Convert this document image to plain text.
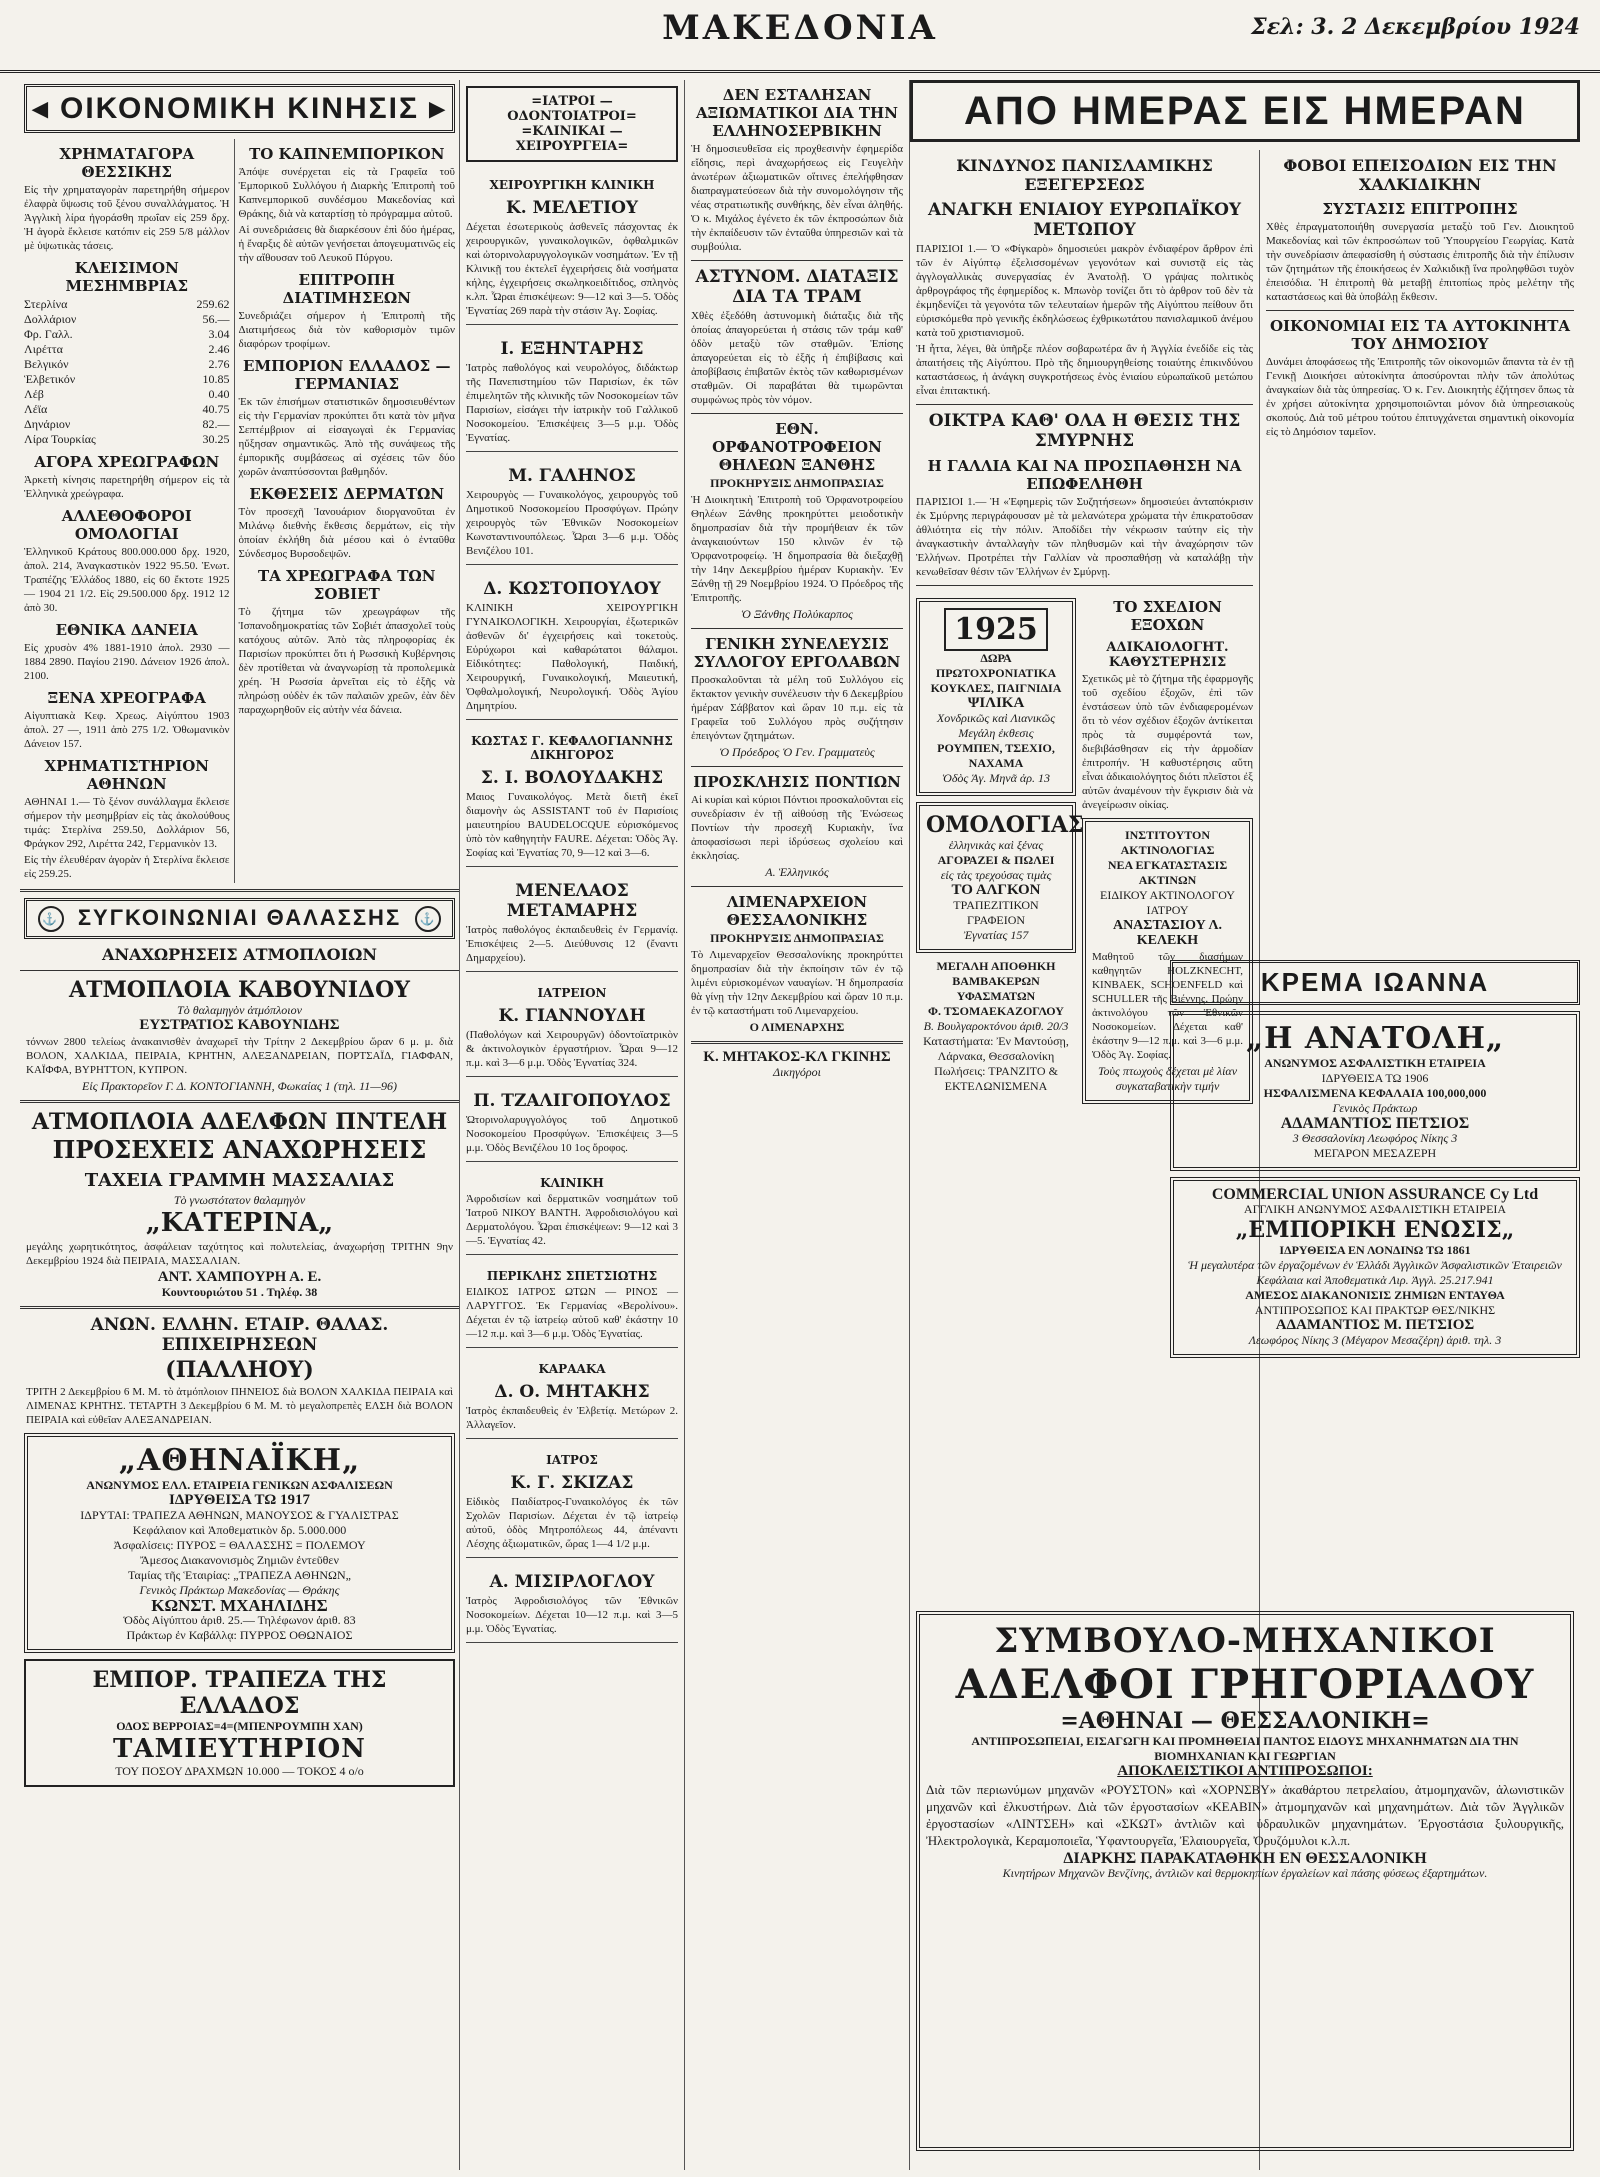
ΜΑΚΕΔΟΝΙΑ	Σελ: 3. 2 Δεκεμβρίου 1924
◂ ΟΙΚΟΝΟΜΙΚΗ ΚΙΝΗΣΙΣ ▸
ΧΡΗΜΑΤΑΓΟΡΑ ΘΕΣΣΙΚΗΣ

Εἰς τὴν χρηματαγορὰν παρετηρήθη σήμερον ἐλαφρὰ ὕψωσις τοῦ ξένου συναλλάγματος. Ἡ Ἀγγλικὴ λίρα ἠγοράσθη πρωΐαν εἰς 259 δρχ. Ἡ ἀγορὰ ἔκλεισε κατόπιν εἰς 259 5/8 μάλλον μὲ ὑψωτικὰς τάσεις.

ΚΛΕΙΣΙΜΟΝ ΜΕΣΗΜΒΡΙΑΣ
Στερλίνα	259.62
Δολλάριον	56.—
Φρ. Γαλλ.	3.04
Λιρέττα	2.46
Βελγικόν	2.76
Ἑλβετικόν	10.85
Λέβ	0.40
Λέϊα	40.75
Δηνάριον	82.—
Λίρα Τουρκίας	30.25
ΑΓΟΡΑ ΧΡΕΩΓΡΑΦΩΝ

Ἀρκετὴ κίνησις παρετηρήθη σήμερον εἰς τὰ Ἑλληνικὰ χρεώγραφα.

ΑΛΛΕΘΟΦΟΡΟΙ ΟΜΟΛΟΓΙΑΙ

Ἑλληνικοῦ Κράτους 800.000.000 δρχ. 1920, ἀπολ. 214, Ἀναγκαστικὸν 1922 95.50. Ἑνωτ. Τραπέζης Ἑλλάδος 1880, εἰς 60 ἔκτοτε 1925 — 1904 21 1/2. Εἰς 29.500.000 δρχ. 1912 12 ἀπὸ 30.

ΕΘΝΙΚΑ ΔΑΝΕΙΑ

Εἰς χρυσὸν 4% 1881-1910 ἀπολ. 2930 — 1884 2890. Παγίου 2190. Δάνειον 1926 ἀπολ. 2100.

ΞΕΝΑ ΧΡΕΟΓΡΑΦΑ

Αἰγυπτιακὰ Κεφ. Χρεως. Αἰγύπτου 1903 ἀπολ. 27 —, 1911 ἀπὸ 275 1/2. Ὀθωμανικὸν Δάνειον 157.

ΧΡΗΜΑΤΙΣΤΗΡΙΟΝ ΑΘΗΝΩΝ

ΑΘΗΝΑΙ 1.— Τὸ ξένον συνάλλαγμα ἔκλεισε σήμερον τὴν μεσημβρίαν εἰς τὰς ἀκολούθους τιμάς: Στερλίνα 259.50, Δολλάριον 56, Φράγκον 292, Λιρέττα 242, Γερμανικὸν 13.

Εἰς τὴν ἐλευθέραν ἀγορὰν ἡ Στερλίνα ἔκλεισε εἰς 259.25.

ΤΟ ΚΑΠΝΕΜΠΟΡΙΚΟΝ

Ἀπόψε συνέρχεται εἰς τὰ Γραφεῖα τοῦ Ἐμπορικοῦ Συλλόγου ἡ Διαρκὴς Ἐπιτροπὴ τοῦ Καπνεμπορικοῦ συνδέσμου Μακεδονίας καὶ Θράκης, διὰ νὰ καταρτίσῃ τὸ πρόγραμμα αὐτοῦ.

Αἱ συνεδριάσεις θὰ διαρκέσουν ἐπὶ δύο ἡμέρας, ἡ ἔναρξις δὲ αὐτῶν γενήσεται ἀπογευματινῶς εἰς τὴν αἴθουσαν τοῦ Λευκοῦ Πύργου.

ΕΠΙΤΡΟΠΗ ΔΙΑΤΙΜΗΣΕΩΝ

Συνεδριάζει σήμερον ἡ Ἐπιτροπὴ τῆς Διατιμήσεως διὰ τὸν καθορισμὸν τιμῶν διαφόρων τροφίμων.

ΕΜΠΟΡΙΟΝ ΕΛΛΑΔΟΣ — ΓΕΡΜΑΝΙΑΣ

Ἐκ τῶν ἐπισήμων στατιστικῶν δημοσιευθέντων εἰς τὴν Γερμανίαν προκύπτει ὅτι κατὰ τὸν μῆνα Σεπτέμβριον αἱ εἰσαγωγαὶ ἐκ Γερμανίας ηὔξησαν σημαντικῶς. Ἀπὸ τῆς συνάψεως τῆς ἐμπορικῆς συμβάσεως αἱ σχέσεις τῶν δύο χωρῶν ἀναπτύσσονται βαθμηδόν.

ΕΚΘΕΣΕΙΣ ΔΕΡΜΑΤΩΝ

Τὸν προσεχῆ Ἰανουάριον διοργανοῦται ἐν Μιλάνῳ διεθνὴς ἔκθεσις δερμάτων, εἰς τὴν ὁποίαν ἐκλήθη διὰ μέσου καὶ ὁ ἐνταῦθα Σύνδεσμος Βυρσοδεψῶν.

ΤΑ ΧΡΕΩΓΡΑΦΑ ΤΩΝ ΣΟΒΙΕΤ

Τὸ ζήτημα τῶν χρεωγράφων τῆς Ἰσπανοδημοκρατίας τῶν Σοβιέτ ἀπασχολεῖ τοὺς κατόχους αὐτῶν. Ἀπὸ τὰς πληροφορίας ἐκ Παρισίων προκύπτει ὅτι ἡ Ρωσσικὴ Κυβέρνησις δὲν προτίθεται νὰ ἀναγνωρίσῃ τὰ προπολεμικὰ χρέη. Ἡ Ρωσσία ἀρνεῖται εἰς τὸ ἑξῆς νὰ πληρώσῃ οὐδὲν ἐκ τῶν παλαιῶν χρεῶν, ἐὰν δὲν παραχωρηθοῦν εἰς αὐτὴν νέα δάνεια.

⚓ ΣΥΓΚΟΙΝΩΝΙΑΙ ΘΑΛΑΣΣΗΣ ⚓
ΑΝΑΧΩΡΗΣΕΙΣ ΑΤΜΟΠΛΟΙΩΝ
ΑΤΜΟΠΛΟΙΑ ΚΑΒΟΥΝΙΔΟΥ
Τὸ θαλαμηγὸν ἀτμόπλοιον
ΕΥΣΤΡΑΤΙΟΣ ΚΑΒΟΥΝΙΔΗΣ

τόννων 2800 τελείως ἀνακαινισθὲν ἀναχωρεῖ τὴν Τρίτην 2 Δεκεμβρίου ὥραν 6 μ. μ. διὰ ΒΟΛΟΝ, ΧΑΛΚΙΔΑ, ΠΕΙΡΑΙΑ, ΚΡΗΤΗΝ, ΑΛΕΞΑΝΔΡΕΙΑΝ, ΠΟΡΤΣΑΪΔ, ΓΙΑΦΦΑΝ, ΚΑΪΦΦΑ, ΒΥΡΗΤΤΟΝ, ΚΥΠΡΟΝ.

Εἰς Πρακτορεῖον Γ. Δ. ΚΟΝΤΟΓΙΑΝΝΗ, Φωκαίας 1 (τηλ. 11—96)
ΑΤΜΟΠΛΟΙΑ ΑΔΕΛΦΩΝ ΠΝΤΕΛΗ
ΠΡΟΣΕΧΕΙΣ ΑΝΑΧΩΡΗΣΕΙΣ
ΤΑΧΕΙΑ ΓΡΑΜΜΗ ΜΑΣΣΑΛΙΑΣ
Τὸ γνωστότατον θαλαμηγὸν
„ΚΑΤΕΡΙΝΑ„

μεγάλης χωρητικότητος, ἀσφάλειαν ταχύτητος καὶ πολυτελείας, ἀναχωρήσῃ ΤΡΙΤΗΝ 9ην Δεκεμβρίου 1924 διὰ ΠΕΙΡΑΙΑ, ΜΑΣΣΑΛΙΑΝ.

ΑΝΤ. ΧΑΜΠΟΥΡΗ Α. Ε.
Κουντουριώτου 51 . Τηλέφ. 38
ΑΝΩΝ. ΕΛΛΗΝ. ΕΤΑΙΡ. ΘΑΛΑΣ. ΕΠΙΧΕΙΡΗΣΕΩΝ
(ΠΑΛΛΗΟΥ)

ΤΡΙΤΗ 2 Δεκεμβρίου 6 Μ. Μ. τὸ ἀτμόπλοιον ΠΗΝΕΙΟΣ διὰ ΒΟΛΟΝ ΧΑΛΚΙΔΑ ΠΕΙΡΑΙΑ καὶ ΛΙΜΕΝΑΣ ΚΡΗΤΗΣ. ΤΕΤΑΡΤΗ 3 Δεκεμβρίου 6 Μ. Μ. τὸ μεγαλοπρεπὲς ΕΛΣΗ διὰ ΒΟΛΟΝ ΠΕΙΡΑΙΑ καὶ εὐθεῖαν ΑΛΕΞΑΝΔΡΕΙΑΝ.

„ΑΘΗΝΑΪΚΗ„
ΑΝΩΝΥΜΟΣ ΕΛΛ. ΕΤΑΙΡΕΙΑ ΓΕΝΙΚΩΝ ΑΣΦΑΛΙΣΕΩΝ
ΙΔΡΥΘΕΙΣΑ ΤΩ 1917
ΙΔΡΥΤΑΙ: ΤΡΑΠΕΖΑ ΑΘΗΝΩΝ, ΜΑΝΟΥΣΟΣ & ΓΥΑΛΙΣΤΡΑΣ
Κεφάλαιον καὶ Ἀποθεματικὸν δρ. 5.000.000
Ἀσφαλίσεις: ΠΥΡΟΣ = ΘΑΛΑΣΣΗΣ = ΠΟΛΕΜΟΥ
Ἄμεσος Διακανονισμὸς Ζημιῶν ἐντεῦθεν
Ταμίας τῆς Ἑταιρίας: „ΤΡΑΠΕΖΑ ΑΘΗΝΩΝ„
Γενικὸς Πράκτωρ Μακεδονίας — Θράκης
ΚΩΝΣΤ. ΜΧΑΗΛΙΔΗΣ
Ὁδὸς Αἰγύπτου ἀριθ. 25.— Τηλέφωνον ἀριθ. 83
Πράκτωρ ἐν Καβάλλᾳ: ΠΥΡΡΟΣ ΟΘΩΝΑΙΟΣ
ΕΜΠΟΡ. ΤΡΑΠΕΖΑ ΤΗΣ ΕΛΛΑΔΟΣ
ΟΔΟΣ ΒΕΡΡΟΙΑΣ=4=(ΜΠΕΝΡΟΥΜΠΗ ΧΑΝ)
ΤΑΜΙΕΥΤΗΡΙΟΝ
ΤΟΥ ΠΟΣΟΥ ΔΡΑΧΜΩΝ 10.000 — ΤΟΚΟΣ 4 ο/ο
=ΙΑΤΡΟΙ — ΟΔΟΝΤΟΙΑΤΡΟΙ= =ΚΛΙΝΙΚΑΙ — ΧΕΙΡΟΥΡΓΕΙΑ=
ΧΕΙΡΟΥΡΓΙΚΗ ΚΛΙΝΙΚΗ
Κ. ΜΕΛΕΤΙΟΥ

Δέχεται ἐσωτερικοὺς ἀσθενεῖς πάσχοντας ἐκ χειρουργικῶν, γυναικολογικῶν, ὀφθαλμικῶν καὶ ὠτορινολαρυγγολογικῶν νοσημάτων. Ἐν τῇ Κλινικῇ του ἐκτελεῖ ἐγχειρήσεις διὰ νοσήματα κήλης, ἐγχειρήσεις σκωληκοειδίτιδος, σπληνὸς κ.λπ. Ὧραι ἐπισκέψεων: 9—12 καὶ 3—5. Ὁδὸς Ἐγνατίας 269 παρὰ τὴν στάσιν Ἁγ. Σοφίας.

Ι. ΕΞΗΝΤΑΡΗΣ

Ἰατρὸς παθολόγος καὶ νευρολόγος, διδάκτωρ τῆς Πανεπιστημίου τῶν Παρισίων, ἐκ τῶν ἐπιμελητῶν τῆς κλινικῆς τῶν Νοσοκομείων τῶν Παρισίων, εἰσάγει τὴν ἰατρικὴν τοῦ Γαλλικοῦ Νοσοκομείου. Ἐπισκέψεις 3—5 μ.μ. Ὁδὸς Ἐγνατίας.

Μ. ΓΑΛΗΝΟΣ

Χειρουργὸς — Γυναικολόγος, χειρουργὸς τοῦ Δημοτικοῦ Νοσοκομείου Προσφύγων. Πρώην χειρουργὸς τῶν Ἐθνικῶν Νοσοκομείων Κωνσταντινουπόλεως. Ὧραι 3—6 μ.μ. Ὁδὸς Βενιζέλου 101.

Δ. ΚΩΣΤΟΠΟΥΛΟΥ

ΚΛΙΝΙΚΗ ΧΕΙΡΟΥΡΓΙΚΗ ΓΥΝΑΙΚΟΛΟΓΙΚΗ. Χειρουργίαι, ἐξωτερικῶν ἀσθενῶν δι' ἐγχειρήσεις καὶ τοκετοὺς. Εὐρύχωροι καὶ καθαρώτατοι θάλαμοι. Εἰδικότητες: Παθολογική, Παιδική, Χειρουργική, Γυναικολογική, Μαιευτική, Ὀφθαλμολογική, Νευρολογική. Ὁδὸς Ἀγίου Δημητρίου.

ΚΩΣΤΑΣ Γ. ΚΕΦΑΛΟΓΙΑΝΝΗΣ ΔΙΚΗΓΟΡΟΣ
Σ. Ι. ΒΟΛΟΥΔΑΚΗΣ

Μαιος Γυναικολόγος. Μετὰ διετῆ ἐκεῖ διαμονὴν ὡς ASSISTANT τοῦ ἐν Παρισίοις μαιευτηρίου BAUDELOCQUE εὑρισκόμενος ὑπὸ τὸν καθηγητὴν FAURE. Δέχεται: Ὁδὸς Ἁγ. Σοφίας καὶ Ἐγνατίας 70, 9—12 καὶ 3—6.

ΜΕΝΕΛΑΟΣ ΜΕΤΑΜΑΡΗΣ

Ἰατρὸς παθολόγος ἐκπαιδευθεὶς ἐν Γερμανίᾳ. Ἐπισκέψεις 2—5. Διεύθυνσις 12 (ἔναντι Δημαρχείου).

ΙΑΤΡΕΙΟΝ
Κ. ΓΙΑΝΝΟΥΔΗ

(Παθολόγων καὶ Χειρουργῶν) ὀδοντοϊατρικὸν & ἀκτινολογικὸν ἐργαστήριον. Ὧραι 9—12 π.μ. καὶ 3—6 μ.μ. Ὁδὸς Ἐγνατίας 324.

Π. ΤΖΑΛΙΓΟΠΟΥΛΟΣ

Ὠτορινολαρυγγολόγος τοῦ Δημοτικοῦ Νοσοκομείου Προσφύγων. Ἐπισκέψεις 3—5 μ.μ. Ὁδὸς Βενιζέλου 10 1ος ὄροφος.

ΚΛΙΝΙΚΗ

Ἀφροδισίων καὶ δερματικῶν νοσημάτων τοῦ Ἰατροῦ ΝΙΚΟΥ ΒΑΝΤΗ. Ἀφροδισιολόγου καὶ Δερματολόγου. Ὧραι ἐπισκέψεων: 9—12 καὶ 3—5. Ἐγνατίας 42.

ΠΕΡΙΚΛΗΣ ΣΠΕΤΣΙΩΤΗΣ

ΕΙΔΙΚΟΣ ΙΑΤΡΟΣ ΩΤΩΝ — ΡΙΝΟΣ — ΛΑΡΥΓΓΟΣ. Ἐκ Γερμανίας «Βερολίνου». Δέχεται ἐν τῷ ἰατρείῳ αὐτοῦ καθ' ἑκάστην 10—12 π.μ. καὶ 3—6 μ.μ. Ὁδὸς Ἐγνατίας.

ΚΑΡΑΑΚΑ
Δ. Ο. ΜΗΤΑΚΗΣ

Ἰατρὸς ἐκπαιδευθεὶς ἐν Ἑλβετίᾳ. Μετώρων 2. Ἀλλαγεῖον.

ΙΑΤΡΟΣ
Κ. Γ. ΣΚΙΖΑΣ

Εἰδικὸς Παιδίατρος-Γυναικολόγος ἐκ τῶν Σχολῶν Παρισίων. Δέχεται ἐν τῷ ἰατρείῳ αὐτοῦ, ὁδὸς Μητροπόλεως 44, ἀπέναντι Λέσχης ἀξιωματικῶν, ὥρας 1—4 1/2 μ.μ.

Α. ΜΙΣΙΡΛΟΓΛΟΥ

Ἰατρὸς Ἀφροδισιολόγος τῶν Ἐθνικῶν Νοσοκομείων. Δέχεται 10—12 π.μ. καὶ 3—5 μ.μ. Ὁδὸς Ἐγνατίας.

ΔΕΝ ΕΣΤΑΛΗΣΑΝ ΑΞΙΩΜΑΤΙΚΟΙ ΔΙΑ ΤΗΝ ΕΛΛΗΝΟΣΕΡΒΙΚΗΝ

Ἡ δημοσιευθεῖσα εἰς προχθεσινὴν ἐφημερίδα εἴδησις, περὶ ἀναχωρήσεως εἰς Γευγελὴν ἀνωτέρων ἀξιωματικῶν οἵτινες ἐπελήφθησαν διαπραγματεύσεων διὰ τὴν συνομολόγησιν τῆς νέας στρατιωτικῆς συνθήκης, δὲν εἶναι ἀληθής. Ὁ κ. Μιχάλος ἐγένετο ἐκ τῶν ἐκπροσώπων διὰ τὴν ἐκπαίδευσιν τῶν ἐνταῦθα ὑπηρεσιῶν καὶ τὰ συμβούλια.

ΑΣΤΥΝΟΜ. ΔΙΑΤΑΞΙΣ ΔΙΑ ΤΑ ΤΡΑΜ

Χθὲς ἐξεδόθη ἀστυνομικὴ διάταξις διὰ τῆς ὁποίας ἀπαγορεύεται ἡ στάσις τῶν τράμ καθ' ὁδὸν μεταξὺ τῶν σταθμῶν. Ἐπίσης ἀπαγορεύεται εἰς τὸ ἐξῆς ἡ ἐπιβίβασις καὶ ἀποβίβασις ἐπιβατῶν ἐκτὸς τῶν καθωρισμένων σταθμῶν. Οἱ παραβάται θὰ τιμωρῶνται συμφώνως πρὸς τὸν νόμον.

ΕΘΝ. ΟΡΦΑΝΟΤΡΟΦΕΙΟΝ ΘΗΛΕΩΝ ΞΑΝΘΗΣ
ΠΡΟΚΗΡΥΞΙΣ ΔΗΜΟΠΡΑΣΙΑΣ

Ἡ Διοικητικὴ Ἐπιτροπὴ τοῦ Ὀρφανοτροφείου Θηλέων Ξάνθης προκηρύττει μειοδοτικὴν δημοπρασίαν διὰ τὴν προμήθειαν ἐκ τῶν ἀναγκαιούντων 150 κλινῶν ἐν τῷ Ὀρφανοτροφείῳ. Ἡ δημοπρασία θὰ διεξαχθῇ τὴν 14ην Δεκεμβρίου ἡμέραν Κυριακὴν. Ἐν Ξάνθῃ τῇ 29 Νοεμβρίου 1924. Ὁ Πρόεδρος τῆς Ἐπιτροπῆς.

Ὁ Ξάνθης Πολύκαρπος
ΓΕΝΙΚΗ ΣΥΝΕΛΕΥΣΙΣ ΣΥΛΛΟΓΟΥ ΕΡΓΟΛΑΒΩΝ

Προσκαλοῦνται τὰ μέλη τοῦ Συλλόγου εἰς ἔκτακτον γενικὴν συνέλευσιν τὴν 6 Δεκεμβρίου ἡμέραν Σάββατον καὶ ὥραν 10 π.μ. εἰς τὰ Γραφεῖα τοῦ Συλλόγου πρὸς συζήτησιν ἐπειγόντων ζητημάτων.

Ὁ Πρόεδρος Ὁ Γεν. Γραμματεὺς
ΠΡΟΣΚΛΗΣΙΣ ΠΟΝΤΙΩΝ

Αἱ κυρίαι καὶ κύριοι Πόντιοι προσκαλοῦνται εἰς συνεδρίασιν ἐν τῇ αἰθούσῃ τῆς Ἐνώσεως Ποντίων τὴν προσεχῆ Κυριακὴν, ἵνα ἀποφασίσωσι περὶ ἱδρύσεως σχολείου καὶ ἐκκλησίας.

Α. Ἑλληνικός
ΛΙΜΕΝΑΡΧΕΙΟΝ ΘΕΣΣΑΛΟΝΙΚΗΣ
ΠΡΟΚΗΡΥΞΙΣ ΔΗΜΟΠΡΑΣΙΑΣ

Τὸ Λιμεναρχεῖον Θεσσαλονίκης προκηρύττει δημοπρασίαν διὰ τὴν ἐκποίησιν τῶν ἐν τῷ λιμένι εὑρισκομένων ναυαγίων. Ἡ δημοπρασία θὰ γίνῃ τὴν 12ην Δεκεμβρίου καὶ ὥραν 10 π.μ. ἐν τῷ καταστήματι τοῦ Λιμεναρχείου.

Ο ΛΙΜΕΝΑΡΧΗΣ
Κ. ΜΗΤΑΚΟΣ-ΚΛ ΓΚΙΝΗΣ
Δικηγόροι
ΑΠΟ ΗΜΕΡΑΣ ΕΙΣ ΗΜΕΡΑΝ
ΚΙΝΔΥΝΟΣ ΠΑΝΙΣΛΑΜΙΚΗΣ ΕΞΕΓΕΡΣΕΩΣ
ΑΝΑΓΚΗ ΕΝΙΑΙΟΥ ΕΥΡΩΠΑΪΚΟΥ ΜΕΤΩΠΟΥ

ΠΑΡΙΣΙΟΙ 1.— Ὁ «Φίγκαρὸ» δημοσιεύει μακρὸν ἐνδιαφέρον ἄρθρον ἐπὶ τῶν ἐν Αἰγύπτῳ ἐξελισσομένων γεγονότων καὶ συνιστᾷ εἰς τὰς ἀγγλογαλλικὰς συνεργασίας ἐν Ἀνατολῇ. Ὁ γράψας πολιτικὸς ἀρθρογράφος τῆς ἐφημερίδος κ. Μπωνὸρ τονίζει ὅτι τὸ ἀρθρον τοῦ δὲν τὰ ἐκμηδενίζει τὰ γεγονότα τῶν τελευταίων ἡμερῶν τῆς Αἰγύπτου πείθουν ὅτι εὑρισκόμεθα πρὸ γενικῆς ἐκδηλώσεως ἐχθρικωτάτου πανισλαμικοῦ ἀνέμου κατὰ τοῦ χριστιανισμοῦ.

Ἡ ἧττα, λέγει, θὰ ὑπῆρξε πλέον σοβαρωτέρα ἂν ἡ Ἀγγλία ἐνεδίδε εἰς τὰς ἀπαιτήσεις τῆς Αἰγύπτου. Πρὸ τῆς δημιουργηθείσης τοιαύτης ἐπικινδύνου καταστάσεως, ἡ ἀνάγκη συγκροτήσεως ἑνὸς ἑνιαίου εὐρωπαϊκοῦ μετώπου εἶναι ἐπιτακτική.

ΟΙΚΤΡΑ ΚΑΘ' ΟΛΑ Η ΘΕΣΙΣ ΤΗΣ ΣΜΥΡΝΗΣ
Η ΓΑΛΛΙΑ ΚΑΙ ΝΑ ΠΡΟΣΠΑΘΗΣΗ ΝΑ ΕΠΩΦΕΛΗΘΗ

ΠΑΡΙΣΙΟΙ 1.— Ἡ «Ἐφημερὶς τῶν Συζητήσεων» δημοσιεύει ἀνταπόκρισιν ἐκ Σμύρνης περιγράφουσαν μὲ τὰ μελανώτερα χρώματα τὴν ἐπικρατοῦσαν ἀθλιότητα εἰς τὴν πόλιν. Ἀποδίδει τὴν νέκρωσιν ταύτην εἰς τὴν ἀναγκαστικὴν ἀνταλλαγὴν τῶν πληθυσμῶν καὶ τὴν ἀναχώρησιν τῶν Ἑλλήνων. Προτρέπει τὴν Γαλλίαν νὰ προσπαθήσῃ νὰ καταλάβῃ τὴν κενωθεῖσαν θέσιν τῶν Ἑλλήνων ἐν Σμύρνῃ.

1925
ΔΩΡΑ ΠΡΩΤΟΧΡΟΝΙΑΤΙΚΑ
ΚΟΥΚΛΕΣ, ΠΑΙΓΝΙΔΙΑ
ΨΙΛΙΚΑ
Χονδρικῶς καὶ Λιανικῶς
Μεγάλη ἐκθεσις
ΡΟΥΜΠΕΝ, ΤΣΕΧΙΟ, ΝΑΧΑΜΑ
Ὁδὸς Ἁγ. Μηνᾶ ἀρ. 13
ΟΜΟΛΟΓΙΑΣ
ἑλληνικὰς καὶ ξένας
ΑΓΟΡΑΖΕΙ & ΠΩΛΕΙ
εἰς τὰς τρεχούσας τιμὰς
ΤΟ ΑΛΓΚΟΝ
ΤΡΑΠΕΖΙΤΙΚΟΝ ΓΡΑΦΕΙΟΝ
Ἐγνατίας 157
ΜΕΓΑΛΗ ΑΠΟΘΗΚΗ
ΒΑΜΒΑΚΕΡΩΝ ΥΦΑΣΜΑΤΩΝ
Φ. ΤΣΟΜΑΕΚΑΖΟΓΛΟΥ
Β. Βουλγαροκτόνου ἀριθ. 20/3
Καταστήματα: Ἐν Μαντούσῃ, Λάρνακα, Θεσσαλονίκη
Πωλήσεις: ΤΡΑΝΖΙΤΟ & ΕΚΤΕΛΩΝΙΣΜΕΝΑ
ΤΟ ΣΧΕΔΙΟΝ ΕΞΟΧΩΝ
ΑΔΙΚΑΙΟΛΟΓΗΤ. ΚΑΘΥΣΤΕΡΗΣΙΣ

Σχετικῶς μὲ τὸ ζήτημα τῆς ἐφαρμογῆς τοῦ σχεδίου ἐξοχῶν, ἐπὶ τῶν ἐνστάσεων ὑπὸ τῶν ἐνδιαφερομένων ὅτι τὸ νέον σχέδιον ἐξοχῶν ἀντίκειται πρὸς τὰ συμφέροντά των, διεβιβάσθησαν εἰς τὴν ἁρμοδίαν ἐπιτροπήν. Ἡ καθυστέρησις αὕτη εἶναι ἀδικαιολόγητος διότι πλεῖστοι ἐξ αὐτῶν ἀναμένουν τὴν ἔγκρισιν διὰ νὰ ἀνεγείρωσιν οἰκίας.

ΙΝΣΤΙΤΟΥΤΟΝ ΑΚΤΙΝΟΛΟΓΙΑΣ
ΝΕΑ ΕΓΚΑΤΑΣΤΑΣΙΣ ΑΚΤΙΝΩΝ
ΕΙΔΙΚΟΥ ΑΚΤΙΝΟΛΟΓΟΥ ΙΑΤΡΟΥ
ΑΝΑΣΤΑΣΙΟΥ Λ. ΚΕΛΕΚΗ

Μαθητοῦ τῶν διασήμων καθηγητῶν HOLZKNECHT, KINBAEK, SCHOENFELD καὶ SCHULLER τῆς Βιέννης. Πρώην ἀκτινολόγου τῶν Ἐθνικῶν Νοσοκομείων. Δέχεται καθ' ἑκάστην 9—12 π.μ. καὶ 3—6 μ.μ. Ὁδὸς Ἁγ. Σοφίας.

Τοὺς πτωχοὺς δέχεται μὲ λίαν συγκαταβατικὴν τιμήν
ΦΟΒΟΙ ΕΠΕΙΣΟΔΙΩΝ ΕΙΣ ΤΗΝ ΧΑΛΚΙΔΙΚΗΝ
ΣΥΣΤΑΣΙΣ ΕΠΙΤΡΟΠΗΣ

Χθὲς ἐπραγματοποιήθη συνεργασία μεταξὺ τοῦ Γεν. Διοικητοῦ Μακεδονίας καὶ τῶν ἐκπροσώπων τοῦ Ὑπουργείου Γεωργίας. Κατὰ τὴν συνεδρίασιν ἀπεφασίσθη ἡ σύστασις ἐπιτροπῆς διὰ τὴν ἐπίλυσιν τῶν ζητημάτων τῆς ἐποικήσεως ἐν Χαλκιδικῇ ἵνα προληφθῶσι τυχὸν ἐπεισόδια. Ἡ ἐπιτροπὴ θὰ μεταβῇ ἐπιτοπίως πρὸς μελέτην τῆς καταστάσεως καὶ θὰ ὑποβάλῃ ἔκθεσιν.

ΟΙΚΟΝΟΜΙΑΙ ΕΙΣ ΤΑ ΑΥΤΟΚΙΝΗΤΑ ΤΟΥ ΔΗΜΟΣΙΟΥ

Δυνάμει ἀποφάσεως τῆς Ἐπιτροπῆς τῶν οἰκονομιῶν ἅπαντα τὰ ἐν τῇ Γενικῇ Διοικήσει αὐτοκίνητα ἀποσύρονται πλὴν τῶν ἀπολύτως ἀναγκαίων διὰ τὰς ὑπηρεσίας. Ὁ κ. Γεν. Διοικητὴς ἐζήτησεν ὅπως τὰ ἐν χρήσει αὐτοκίνητα χρησιμοποιῶνται μόνον διὰ ὑπηρεσιακοὺς σκοπούς. Διὰ τοῦ μέτρου τούτου ἐπιτυγχάνεται σημαντικὴ οἰκονομία εἰς τὸ Δημόσιον ταμεῖον.

ΚΡΕΜΑ ΙΩΑΝΝΑ
„Η ΑΝΑΤΟΛΗ„
ΑΝΩΝΥΜΟΣ ΑΣΦΑΛΙΣΤΙΚΗ ΕΤΑΙΡΕΙΑ
ΙΔΡΥΘΕΙΣΑ ΤΩ 1906
ΗΣΦΑΛΙΣΜΕΝΑ ΚΕΦΑΛΑΙΑ 100,000,000
Γενικὸς Πράκτωρ
ΑΔΑΜΑΝΤΙΟΣ ΠΕΤΣΙΟΣ
3 Θεσσαλονίκη Λεωφόρος Νίκης 3
ΜΕΓΑΡΟΝ ΜΕΣΑΖΕΡΗ
COMMERCIAL UNION ASSURANCE Cy Ltd
ΑΓΓΛΙΚΗ ΑΝΩΝΥΜΟΣ ΑΣΦΑΛΙΣΤΙΚΗ ΕΤΑΙΡΕΙΑ
„ΕΜΠΟΡΙΚΗ ΕΝΩΣΙΣ„
ΙΔΡΥΘΕΙΣΑ ΕΝ ΛΟΝΔΙΝΩ ΤΩ 1861
Ἡ μεγαλυτέρα τῶν ἐργαζομένων ἐν Ἑλλάδι Ἀγγλικῶν Ἀσφαλιστικῶν Ἑταιρειῶν
Κεφάλαια καὶ Ἀποθεματικὰ Λιρ. Ἀγγλ. 25.217.941
ΑΜΕΣΟΣ ΔΙΑΚΑΝΟΝΙΣΙΣ ΖΗΜΙΩΝ ΕΝΤΑΥΘΑ
ΑΝΤΙΠΡΟΣΩΠΟΣ ΚΑΙ ΠΡΑΚΤΩΡ ΘΕΣ/ΝΙΚΗΣ
ΑΔΑΜΑΝΤΙΟΣ Μ. ΠΕΤΣΙΟΣ
Λεωφόρος Νίκης 3 (Μέγαρον Μεσαζέρη) ἀριθ. τηλ. 3
ΣΥΜΒΟΥΛΟ-ΜΗΧΑΝΙΚΟΙ
ΑΔΕΛΦΟΙ ΓΡΗΓΟΡΙΑΔΟΥ
=ΑΘΗΝΑΙ — ΘΕΣΣΑΛΟΝΙΚΗ=
ΑΝΤΙΠΡΟΣΩΠΕΙΑΙ, ΕΙΣΑΓΩΓΗ ΚΑΙ ΠΡΟΜΗΘΕΙΑΙ ΠΑΝΤΟΣ ΕΙΔΟΥΣ ΜΗΧΑΝΗΜΑΤΩΝ ΔΙΑ ΤΗΝ ΒΙΟΜΗΧΑΝΙΑΝ ΚΑΙ ΓΕΩΡΓΙΑΝ
ΑΠΟΚΛΕΙΣΤΙΚΟΙ ΑΝΤΙΠΡΟΣΩΠΟΙ:

Διὰ τῶν περιωνύμων μηχανῶν «ΡΟΥΣΤΟΝ» καὶ «ΧΟΡΝΣΒΥ» ἀκαθάρτου πετρελαίου, ἀτμομηχανῶν, ἀλωνιστικῶν μηχανῶν καὶ ἐλκυστήρων. Διὰ τῶν ἐργοστασίων «ΚΕΑΒΙΝ» ἀτμομηχανῶν καὶ μηχανημάτων. Διὰ τῶν Ἀγγλικῶν ἐργοστασίων «ΛΙΝΤΣΕΗ» καὶ «ΣΚΩΤ» ἀντλιῶν καὶ ὑδραυλικῶν μηχανημάτων. Ἐργοστάσια ξυλουργικῆς, Ἠλεκτρολογικὰ, Κεραμοποιεῖα, Ὑφαντουργεῖα, Ἐλαιουργεῖα, Ὀρυζόμυλοι κ.λ.π.

ΔΙΑΡΚΗΣ ΠΑΡΑΚΑΤΑΘΗΚΗ ΕΝ ΘΕΣΣΑΛΟΝΙΚΗ
Κινητήρων Μηχανῶν Βενζίνης, ἀντλιῶν καὶ θερμοκηπίων ἐργαλείων καὶ πάσης φύσεως ἐξαρτημάτων.
